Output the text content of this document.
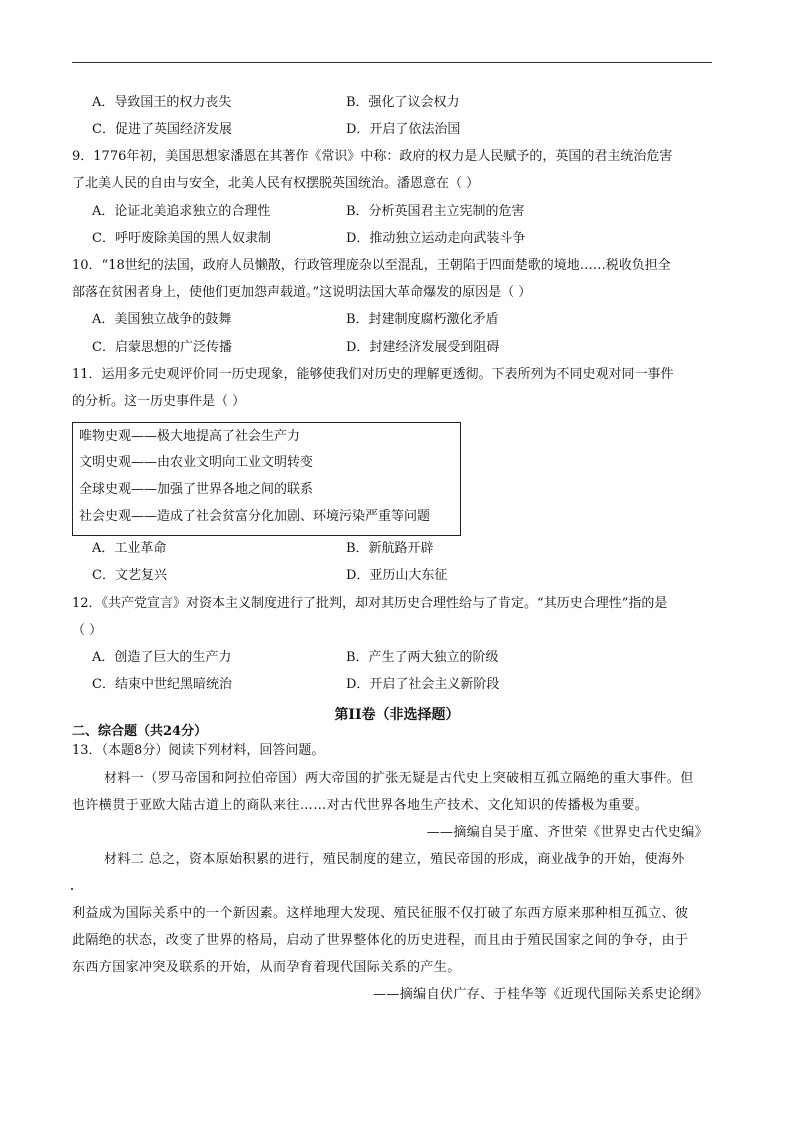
A．导致国王的权力丧失	B．强化了议会权力
C．促进了英国经济发展	D．开启了依法治国
9．1776年初，美国思想家潘恩在其著作《常识》中称：政府的权力是人民赋予的，英国的君主统治危害
了北美人民的自由与安全，北美人民有权摆脱英国统治。潘恩意在（ ）
A．论证北美追求独立的合理性	B．分析英国君主立宪制的危害
C．呼吁废除美国的黑人奴隶制	D．推动独立运动走向武装斗争
10．“18世纪的法国，政府人员懒散，行政管理庞杂以至混乱，王朝陷于四面楚歌的境地……税收负担全
部落在贫困者身上，使他们更加怨声载道。”这说明法国大革命爆发的原因是（ ）
A．美国独立战争的鼓舞	B．封建制度腐朽激化矛盾
C．启蒙思想的广泛传播	D．封建经济发展受到阻碍
11．运用多元史观评价同一历史现象，能够使我们对历史的理解更透彻。下表所列为不同史观对同一事件
的分析。这一历史事件是（ ）
唯物史观——极大地提高了社会生产力
文明史观——由农业文明向工业文明转变
全球史观——加强了世界各地之间的联系
社会史观——造成了社会贫富分化加剧、环境污染严重等问题
A．工业革命	B．新航路开辟
C．文艺复兴	D．亚历山大东征
12．《共产党宣言》对资本主义制度进行了批判，却对其历史合理性给与了肯定。“其历史合理性”指的是
（ ）
A．创造了巨大的生产力	B．产生了两大独立的阶级
C．结束中世纪黑暗统治	D．开启了社会主义新阶段
第II卷（非选择题）
二、综合题（共24分）
13．（本题8分）阅读下列材料，回答问题。
材料一（罗马帝国和阿拉伯帝国）两大帝国的扩张无疑是古代史上突破相互孤立隔绝的重大事件。但
也许横贯于亚欧大陆古道上的商队来往……对古代世界各地生产技术、文化知识的传播极为重要。
——摘编自吴于廑、齐世荣《世界史古代史编》
材料二 总之，资本原始积累的进行，殖民制度的建立，殖民帝国的形成，商业战争的开始，使海外
利益成为国际关系中的一个新因素。这样地理大发现、殖民征服不仅打破了东西方原来那种相互孤立、彼
此隔绝的状态，改变了世界的格局，启动了世界整体化的历史进程，而且由于殖民国家之间的争夺，由于
东西方国家冲突及联系的开始，从而孕育着现代国际关系的产生。
——摘编自伏广存、于桂华等《近现代国际关系史论纲》
